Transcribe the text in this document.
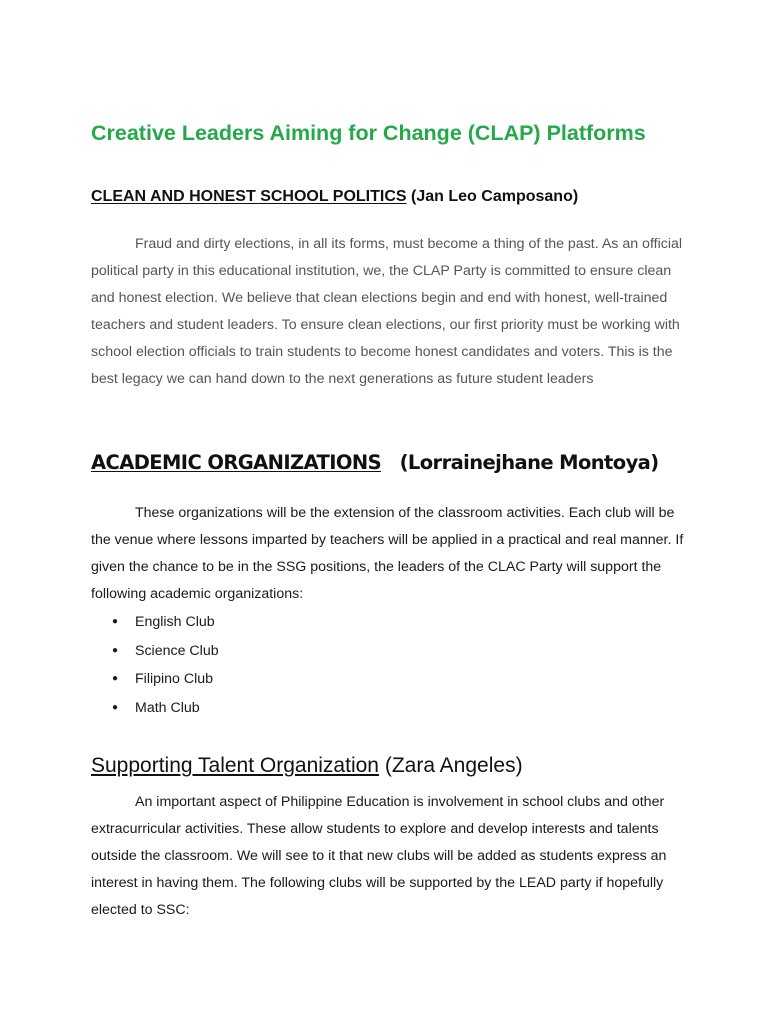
Creative Leaders Aiming for Change (CLAP) Platforms
CLEAN AND HONEST SCHOOL POLITICS (Jan Leo Camposano)

Fraud and dirty elections, in all its forms, must become a thing of the past. As an official political party in this educational institution, we, the CLAP Party is committed to ensure clean and honest election. We believe that clean elections begin and end with honest, well-trained teachers and student leaders. To ensure clean elections, our first priority must be working with school election officials to train students to become honest candidates and voters. This is the best legacy we can hand down to the next generations as future student leaders

ACADEMIC ORGANIZATIONS (Lorrainejhane Montoya)

These organizations will be the extension of the classroom activities. Each club will be the venue where lessons imparted by teachers will be applied in a practical and real manner. If given the chance to be in the SSG positions, the leaders of the CLAC Party will support the following academic organizations:

● English Club
● Science Club
● Filipino Club
● Math Club
Supporting Talent Organization (Zara Angeles)

An important aspect of Philippine Education is involvement in school clubs and other extracurricular activities. These allow students to explore and develop interests and talents outside the classroom. We will see to it that new clubs will be added as students express an interest in having them. The following clubs will be supported by the LEAD party if hopefully elected to SSC:
